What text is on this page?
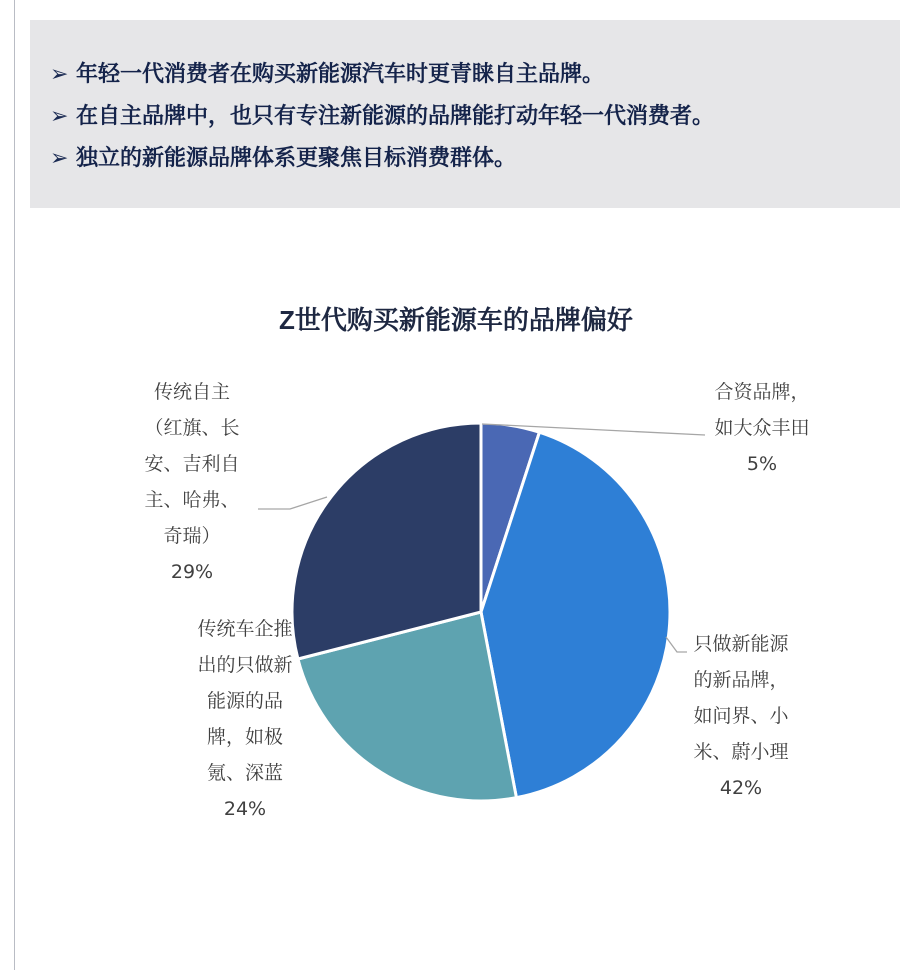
➢ 年轻一代消费者在购买新能源汽车时更青睐自主品牌。
➢ 在自主品牌中，也只有专注新能源的品牌能打动年轻一代消费者。
➢ 独立的新能源品牌体系更聚焦目标消费群体。
Z世代购买新能源车的品牌偏好
合资品牌，
如大众丰田
5%
只做新能源
的新品牌，
如问界、小
米、蔚小理
42%
传统车企推
出的只做新
能源的品
牌，如极
氪、深蓝
24%
传统自主
（红旗、长
安、吉利自
主、哈弗、
奇瑞）
29%
